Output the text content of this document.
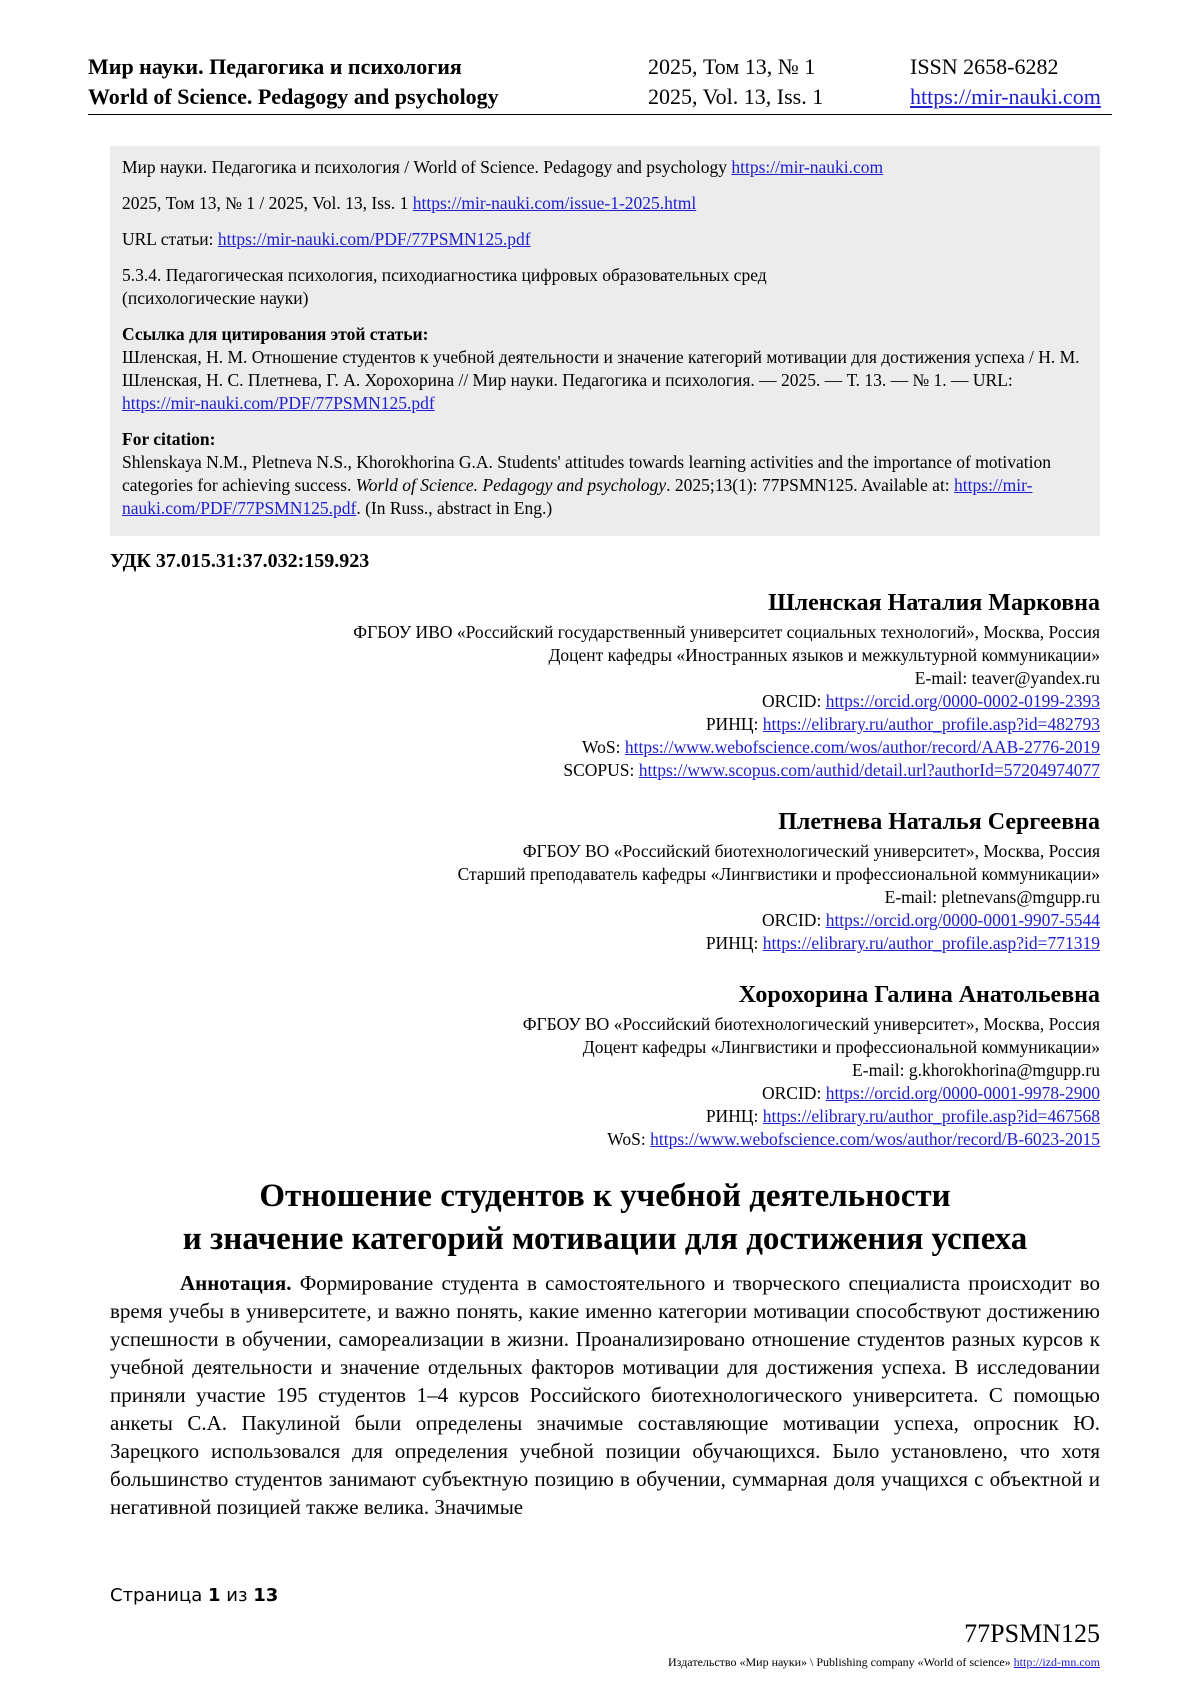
Мир науки. Педагогика и психология
World of Science. Pedagogy and psychology
2025, Том 13, № 1
2025, Vol. 13, Iss. 1
ISSN 2658-6282
https://mir-nauki.com

Мир науки. Педагогика и психология / World of Science. Pedagogy and psychology https://mir-nauki.com

2025, Том 13, № 1 / 2025, Vol. 13, Iss. 1 https://mir-nauki.com/issue-1-2025.html

URL статьи: https://mir-nauki.com/PDF/77PSMN125.pdf

5.3.4. Педагогическая психология, психодиагностика цифровых образовательных сред (психологические науки)

Ссылка для цитирования этой статьи:
Шленская, Н. М. Отношение студентов к учебной деятельности и значение категорий мотивации для достижения успеха / Н. М. Шленская, Н. С. Плетнева, Г. А. Хорохорина // Мир науки. Педагогика и психология. — 2025. — Т. 13. — № 1. — URL: https://mir-nauki.com/PDF/77PSMN125.pdf

For citation:
Shlenskaya N.M., Pletneva N.S., Khorokhorina G.A. Students' attitudes towards learning activities and the importance of motivation categories for achieving success. World of Science. Pedagogy and psychology. 2025;13(1): 77PSMN125. Available at: https://mir-nauki.com/PDF/77PSMN125.pdf. (In Russ., abstract in Eng.)

УДК 37.015.31:37.032:159.923
Шленская Наталия Марковна
ФГБОУ ИВО «Российский государственный университет социальных технологий», Москва, Россия
Доцент кафедры «Иностранных языков и межкультурной коммуникации»
E-mail: teaver@yandex.ru
ORCID: https://orcid.org/0000-0002-0199-2393
РИНЦ: https://elibrary.ru/author_profile.asp?id=482793
WoS: https://www.webofscience.com/wos/author/record/AAB-2776-2019
SCOPUS: https://www.scopus.com/authid/detail.url?authorId=57204974077
Плетнева Наталья Сергеевна
ФГБОУ ВО «Российский биотехнологический университет», Москва, Россия
Старший преподаватель кафедры «Лингвистики и профессиональной коммуникации»
E-mail: pletnevans@mgupp.ru
ORCID: https://orcid.org/0000-0001-9907-5544
РИНЦ: https://elibrary.ru/author_profile.asp?id=771319
Хорохорина Галина Анатольевна
ФГБОУ ВО «Российский биотехнологический университет», Москва, Россия
Доцент кафедры «Лингвистики и профессиональной коммуникации»
E-mail: g.khorokhorina@mgupp.ru
ORCID: https://orcid.org/0000-0001-9978-2900
РИНЦ: https://elibrary.ru/author_profile.asp?id=467568
WoS: https://www.webofscience.com/wos/author/record/B-6023-2015
Отношение студентов к учебной деятельности
и значение категорий мотивации для достижения успеха
Аннотация. Формирование студента в самостоятельного и творческого специалиста происходит во время учебы в университете, и важно понять, какие именно категории мотивации способствуют достижению успешности в обучении, самореализации в жизни. Проанализировано отношение студентов разных курсов к учебной деятельности и значение отдельных факторов мотивации для достижения успеха. В исследовании приняли участие 195 студентов 1–4 курсов Российского биотехнологического университета. С помощью анкеты С.А. Пакулиной были определены значимые составляющие мотивации успеха, опросник Ю. Зарецкого использовался для определения учебной позиции обучающихся. Было установлено, что хотя большинство студентов занимают субъектную позицию в обучении, суммарная доля учащихся с объектной и негативной позицией также велика. Значимые
Страница 1 из 13
77PSMN125
Издательство «Мир науки» \ Publishing company «World of science» http://izd-mn.com
